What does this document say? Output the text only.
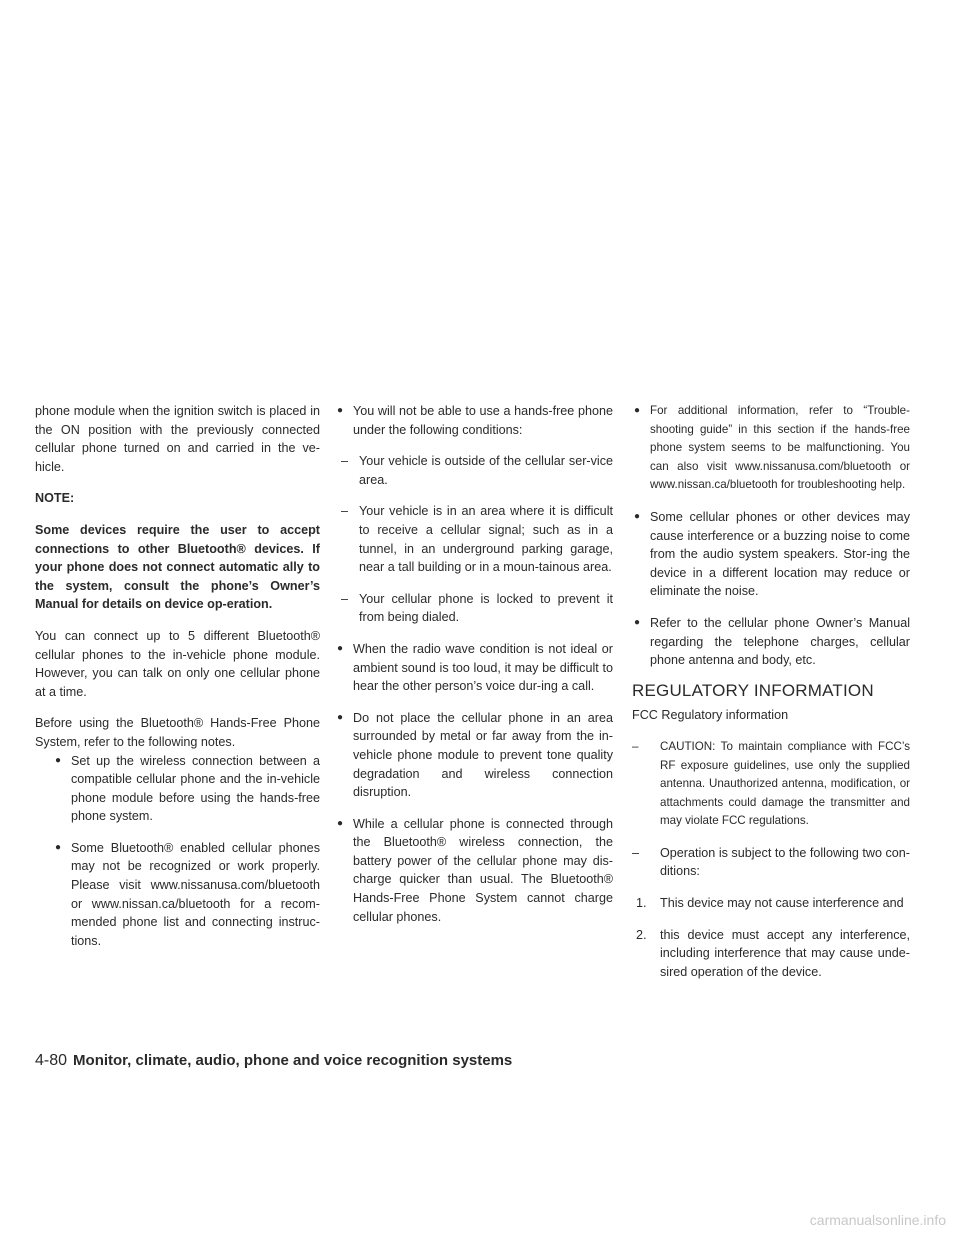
phone module when the ignition switch is placed in the ON position with the previously connected cellular phone turned on and carried in the ve-hicle.

NOTE:

Some devices require the user to accept connections to other Bluetooth® devices. If your phone does not connect automatic ally to the system, consult the phone’s Owner’s Manual for details on device op-eration.

You can connect up to 5 different Bluetooth® cellular phones to the in-vehicle phone module. However, you can talk on only one cellular phone at a time.

Before using the Bluetooth® Hands-Free Phone System, refer to the following notes.

● Set up the wireless connection between a compatible cellular phone and the in-vehicle phone module before using the hands-free phone system.

● Some Bluetooth® enabled cellular phones may not be recognized or work properly. Please visit www.nissanusa.com/bluetooth or www.nissan.ca/bluetooth for a recom-mended phone list and connecting instruc-tions.

● You will not be able to use a hands-free phone under the following conditions:

– Your vehicle is outside of the cellular ser-vice area.

– Your vehicle is in an area where it is difficult to receive a cellular signal; such as in a tunnel, in an underground parking garage, near a tall building or in a moun-tainous area.

– Your cellular phone is locked to prevent it from being dialed.

● When the radio wave condition is not ideal or ambient sound is too loud, it may be difficult to hear the other person’s voice dur-ing a call.

● Do not place the cellular phone in an area surrounded by metal or far away from the in-vehicle phone module to prevent tone quality degradation and wireless connection disruption.

● While a cellular phone is connected through the Bluetooth® wireless connection, the battery power of the cellular phone may dis-charge quicker than usual. The Bluetooth® Hands-Free Phone System cannot charge cellular phones.

● For additional information, refer to “Trouble-shooting guide” in this section if the hands-free phone system seems to be malfunctioning. You can also visit www.nissanusa.com/bluetooth or www.nissan.ca/bluetooth for troubleshooting help.

● Some cellular phones or other devices may cause interference or a buzzing noise to come from the audio system speakers. Stor-ing the device in a different location may reduce or eliminate the noise.

● Refer to the cellular phone Owner’s Manual regarding the telephone charges, cellular phone antenna and body, etc.

REGULATORY INFORMATION

FCC Regulatory information

– CAUTION: To maintain compliance with FCC’s RF exposure guidelines, use only the supplied antenna. Unauthorized antenna, modification, or attachments could damage the transmitter and may violate FCC regulations.

– Operation is subject to the following two con-ditions:

1. This device may not cause interference and

2. this device must accept any interference, including interference that may cause unde-sired operation of the device.

4-80 Monitor, climate, audio, phone and voice recognition systems
carmanualsonline.info
